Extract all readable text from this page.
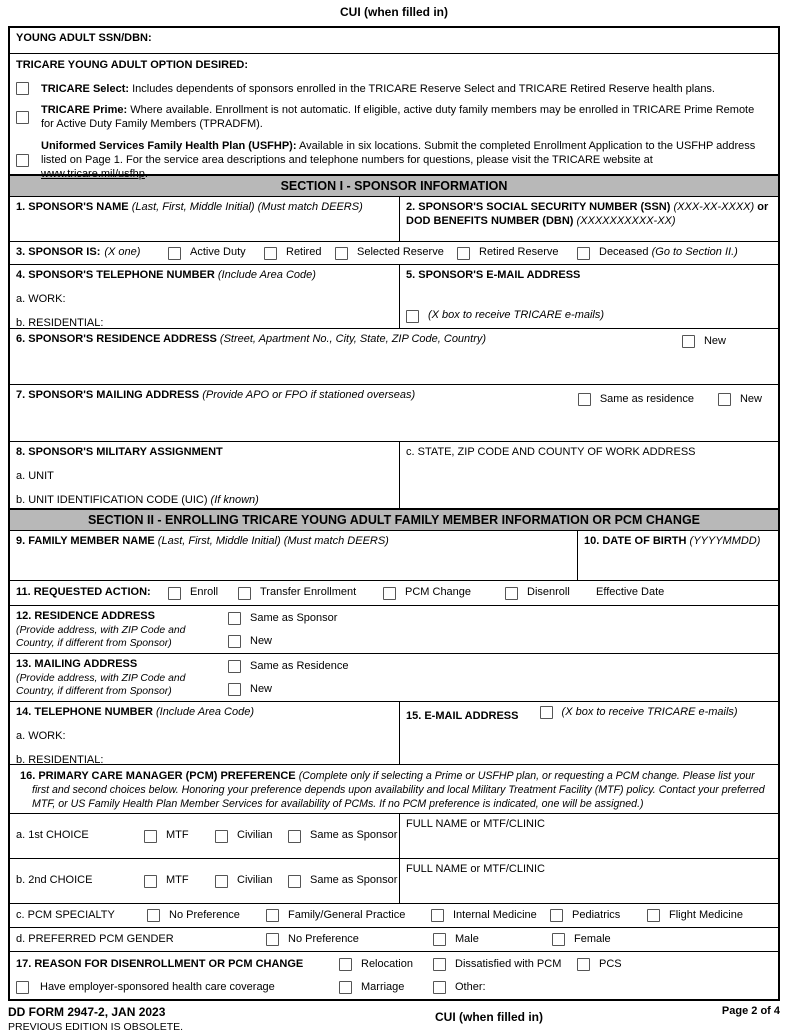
CUI (when filled in)
YOUNG ADULT SSN/DBN:
TRICARE YOUNG ADULT OPTION DESIRED:
TRICARE Select: Includes dependents of sponsors enrolled in the TRICARE Reserve Select and TRICARE Retired Reserve health plans.
TRICARE Prime: Where available. Enrollment is not automatic. If eligible, active duty family members may be enrolled in TRICARE Prime Remote for Active Duty Family Members (TPRADFM).
Uniformed Services Family Health Plan (USFHP): Available in six locations. Submit the completed Enrollment Application to the USFHP address listed on Page 1. For the service area descriptions and telephone numbers for questions, please visit the TRICARE website at www.tricare.mil/usfhp.
SECTION I - SPONSOR INFORMATION
1. SPONSOR'S NAME (Last, First, Middle Initial) (Must match DEERS)	2. SPONSOR'S SOCIAL SECURITY NUMBER (SSN) (XXX-XX-XXXX) or
DOD BENEFITS NUMBER (DBN) (XXXXXXXXXX-XX)
3. SPONSOR IS: (X one)	Active Duty	Retired	Selected Reserve	Retired Reserve	Deceased (Go to Section II.)
4. SPONSOR'S TELEPHONE NUMBER (Include Area Code)
a. WORK:
b. RESIDENTIAL:
5. SPONSOR'S E-MAIL ADDRESS
(X box to receive TRICARE e-mails)
6. SPONSOR'S RESIDENCE ADDRESS (Street, Apartment No., City, State, ZIP Code, Country)	New
7. SPONSOR'S MAILING ADDRESS (Provide APO or FPO if stationed overseas)	Same as residence	New
8. SPONSOR'S MILITARY ASSIGNMENT
a. UNIT
b. UNIT IDENTIFICATION CODE (UIC) (If known)
c. STATE, ZIP CODE AND COUNTY OF WORK ADDRESS
SECTION II - ENROLLING TRICARE YOUNG ADULT FAMILY MEMBER INFORMATION OR PCM CHANGE
9. FAMILY MEMBER NAME (Last, First, Middle Initial) (Must match DEERS)	10. DATE OF BIRTH (YYYYMMDD)
11. REQUESTED ACTION:	Enroll	Transfer Enrollment	PCM Change	Disenroll Effective Date
12. RESIDENCE ADDRESS
(Provide address, with ZIP Code and
Country, if different from Sponsor)
Same as Sponsor
New
13. MAILING ADDRESS
(Provide address, with ZIP Code and
Country, if different from Sponsor)
Same as Residence
New
14. TELEPHONE NUMBER (Include Area Code)
a. WORK:
b. RESIDENTIAL:
15. E-MAIL ADDRESS	(X box to receive TRICARE e-mails)
16. PRIMARY CARE MANAGER (PCM) PREFERENCE (Complete only if selecting a Prime or USFHP plan, or requesting a PCM change. Please list your first and second choices below. Honoring your preference depends upon availability and local Military Treatment Facility (MTF) policy. Contact your preferred MTF, or US Family Health Plan Member Services for availability of PCMs. If no PCM preference is indicated, one will be assigned.)
a. 1st CHOICE	MTF	Civilian	Same as Sponsor
FULL NAME or MTF/CLINIC
b. 2nd CHOICE	MTF	Civilian	Same as Sponsor
FULL NAME or MTF/CLINIC
c. PCM SPECIALTY	No Preference	Family/General Practice	Internal Medicine	Pediatrics	Flight Medicine
d. PREFERRED PCM GENDER	No Preference	Male	Female
17. REASON FOR DISENROLLMENT OR PCM CHANGE	Relocation	Dissatisfied with PCM	PCS
Have employer-sponsored health care coverage	Marriage	Other:
DD FORM 2947-2, JAN 2023
PREVIOUS EDITION IS OBSOLETE.
CUI (when filled in)	Page 2 of 4
